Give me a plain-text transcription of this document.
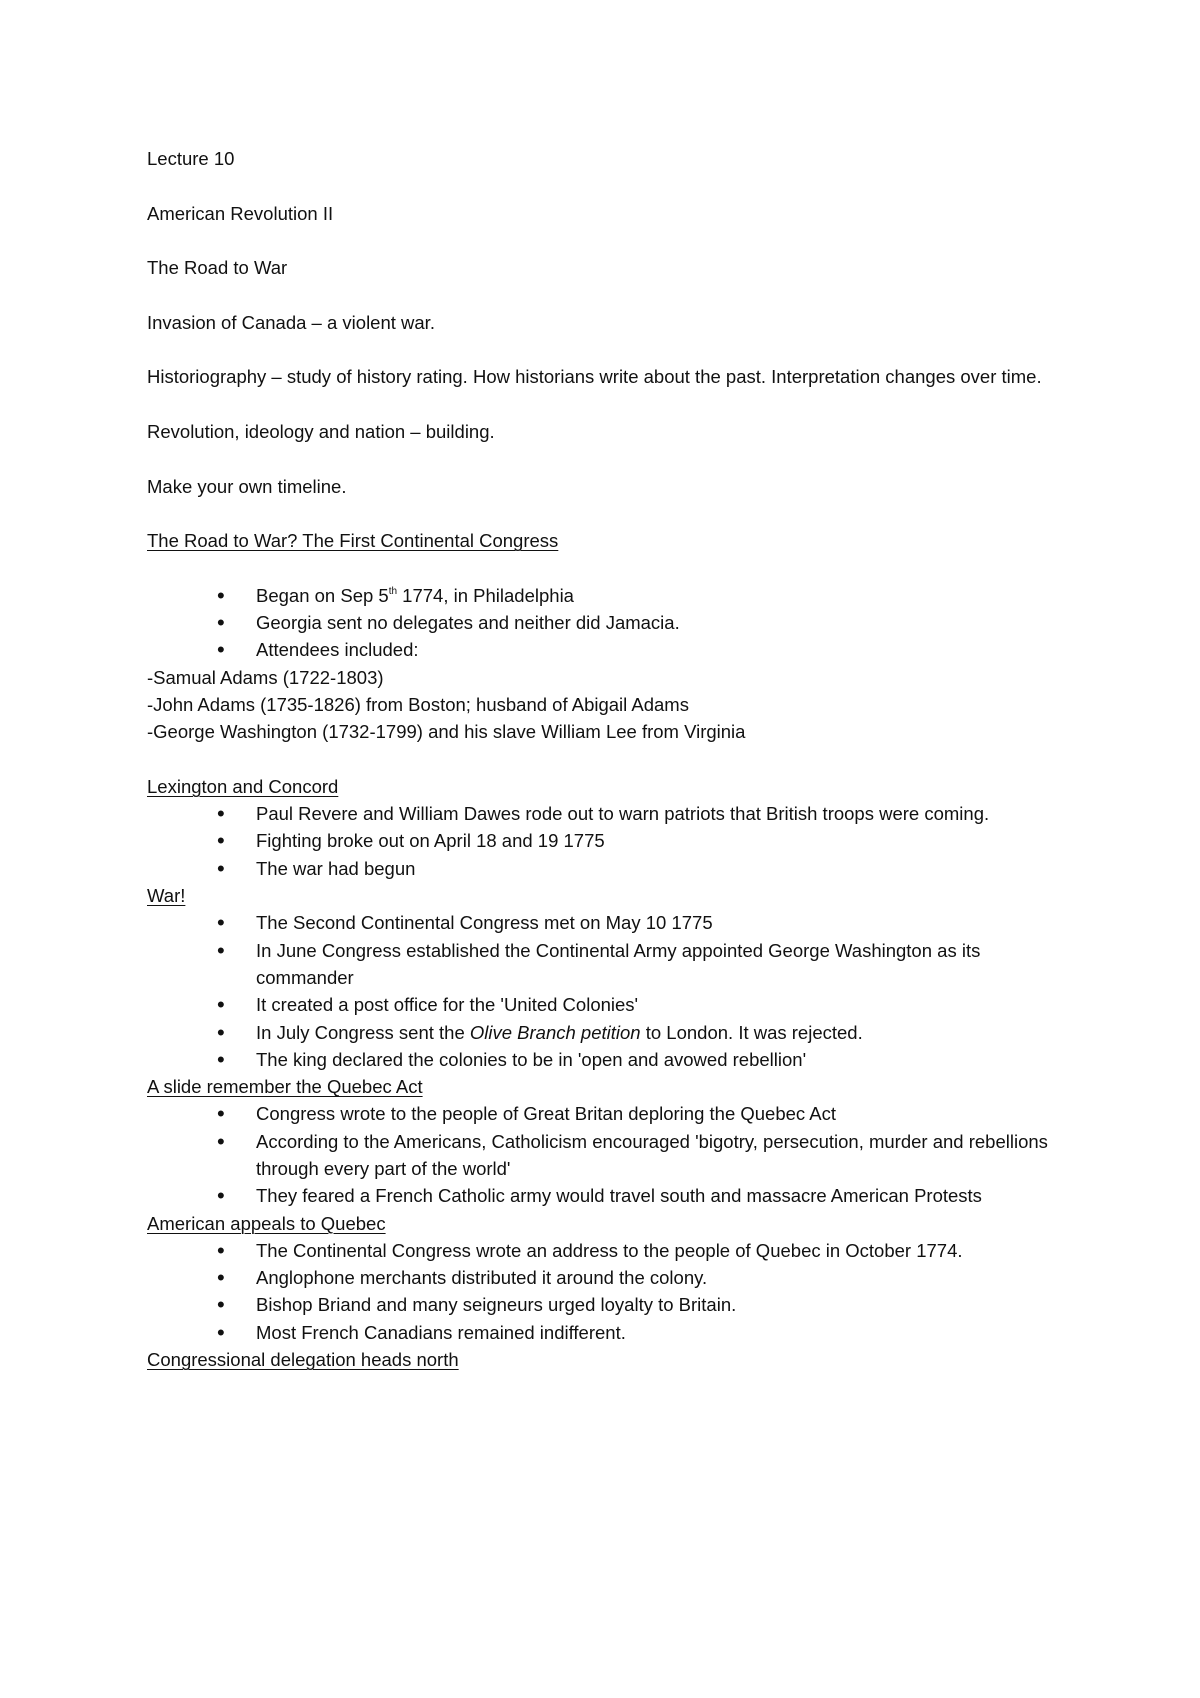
Lecture 10

American Revolution II

The Road to War

Invasion of Canada – a violent war.

Historiography – study of history rating. How historians write about the past. Interpretation changes over time.

Revolution, ideology and nation – building.

Make your own timeline.

The Road to War? The First Continental Congress

• Began on Sep 5th 1774, in Philadelphia
• Georgia sent no delegates and neither did Jamacia.
• Attendees included:

-Samual Adams (1722-1803)

-John Adams (1735-1826) from Boston; husband of Abigail Adams

-George Washington (1732-1799) and his slave William Lee from Virginia

Lexington and Concord

• Paul Revere and William Dawes rode out to warn patriots that British troops were coming.
• Fighting broke out on April 18 and 19 1775
• The war had begun

War!

• The Second Continental Congress met on May 10 1775
• In June Congress established the Continental Army appointed George Washington as its commander
• It created a post office for the 'United Colonies'
• In July Congress sent the Olive Branch petition to London. It was rejected.
• The king declared the colonies to be in 'open and avowed rebellion'

A slide remember the Quebec Act

• Congress wrote to the people of Great Britan deploring the Quebec Act
• According to the Americans, Catholicism encouraged 'bigotry, persecution, murder and rebellions through every part of the world'
• They feared a French Catholic army would travel south and massacre American Protests

American appeals to Quebec

• The Continental Congress wrote an address to the people of Quebec in October 1774.
• Anglophone merchants distributed it around the colony.
• Bishop Briand and many seigneurs urged loyalty to Britain.
• Most French Canadians remained indifferent.

Congressional delegation heads north
